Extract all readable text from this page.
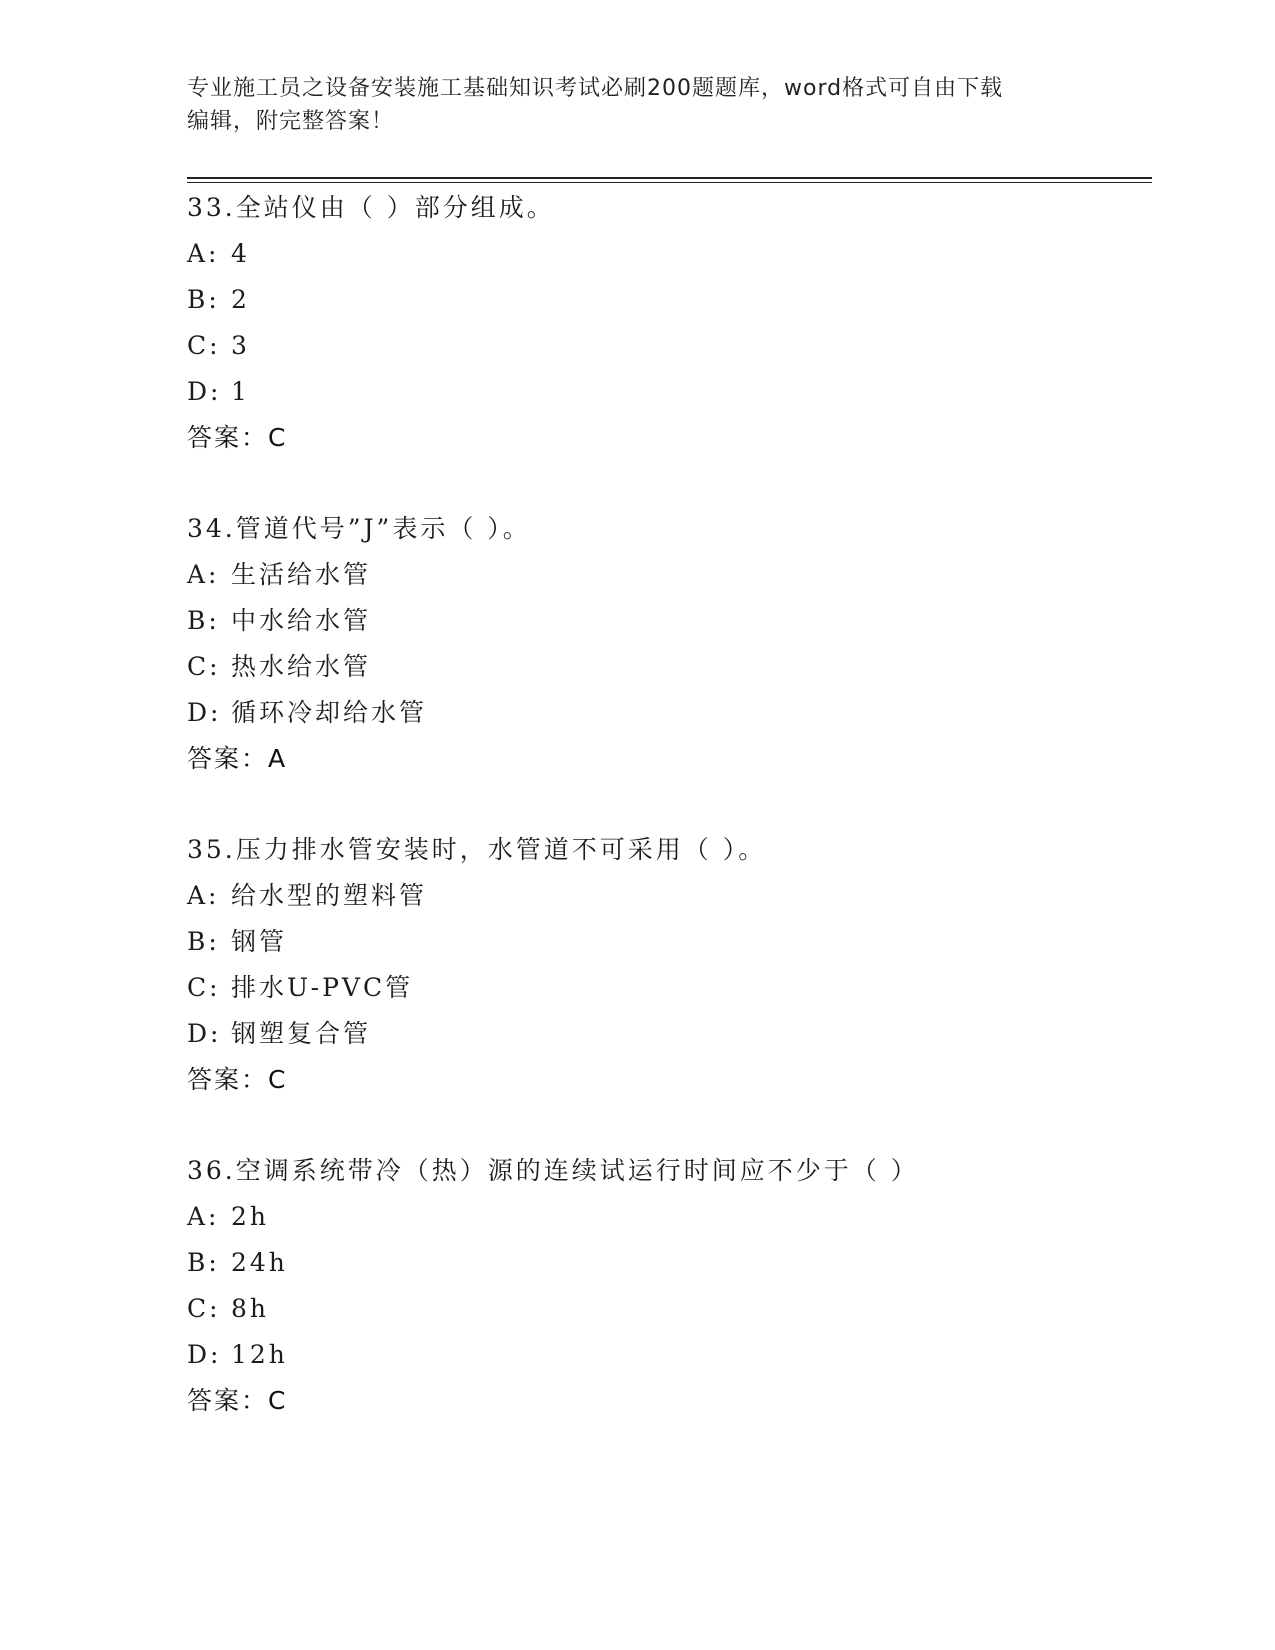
专业施工员之设备安装施工基础知识考试必刷200题题库，word格式可自由下载
编辑，附完整答案！
33.全站仪由（ ）部分组成。
A: 4
B: 2
C: 3
D: 1
答案：C
34.管道代号”J”表示（ ）。
A: 生活给水管
B: 中水给水管
C: 热水给水管
D: 循环冷却给水管
答案：A
35.压力排水管安装时，水管道不可采用（ ）。
A: 给水型的塑料管
B: 钢管
C: 排水U-PVC管
D: 钢塑复合管
答案：C
36.空调系统带冷（热）源的连续试运行时间应不少于（ ）
A: 2h
B: 24h
C: 8h
D: 12h
答案：C
